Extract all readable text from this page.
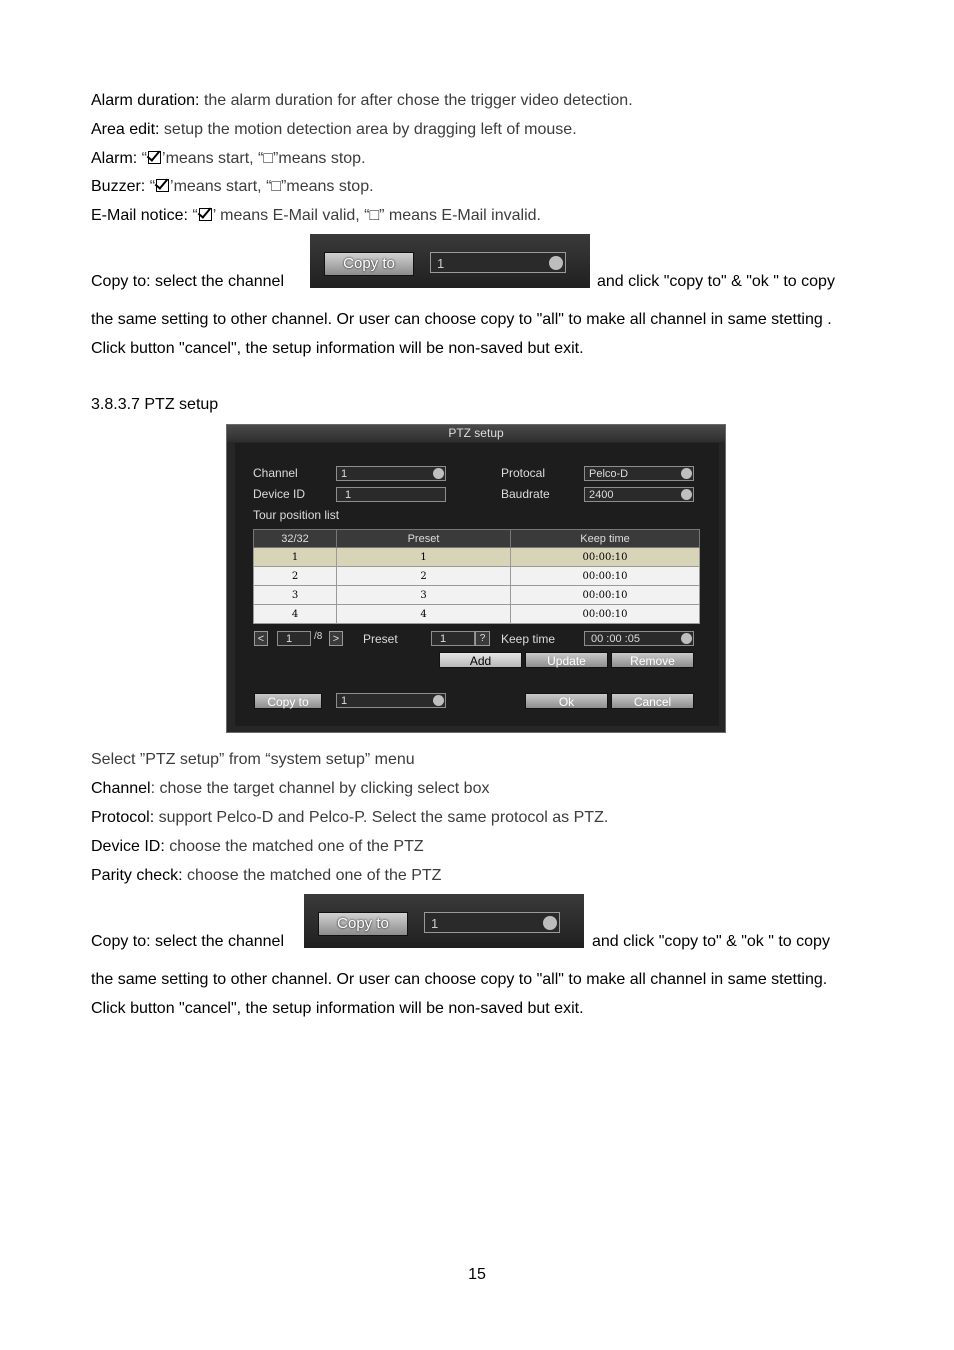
Alarm duration: the alarm duration for after chose the trigger video detection.
Area edit: setup the motion detection area by dragging left of mouse.
Alarm: “ ’means start, “□”means stop.
Buzzer: “ ’means start, “□”means stop.
E-Mail notice: “ ’ means E-Mail valid, “□” means E-Mail invalid.
Copy to: select the channel
Copy to	1
and click "copy to" & "ok " to copy
the same setting to other channel. Or user can choose copy to "all" to make all channel in same stetting .
Click button "cancel", the setup information will be non-saved but exit.
3.8.3.7 PTZ setup
PTZ setup
Channel	1
Device ID	1
Protocal	Pelco-D
Baudrate	2400
Tour position list
32/32	Preset	Keep time
1	1	00:00:10
2	2	00:00:10
3	3	00:00:10
4	4	00:00:10
<	1	/8 >	Preset	1	?	Keep time	00 :00 :05
Add	Update	Remove
Copy to	1	Ok	Cancel
Select ”PTZ setup” from “system setup” menu
Channel: chose the target channel by clicking select box
Protocol: support Pelco-D and Pelco-P. Select the same protocol as PTZ.
Device ID: choose the matched one of the PTZ
Parity check: choose the matched one of the PTZ
Copy to: select the channel
Copy to	1
and click "copy to" & "ok " to copy
the same setting to other channel. Or user can choose copy to "all" to make all channel in same stetting.
Click button "cancel", the setup information will be non-saved but exit.
15
